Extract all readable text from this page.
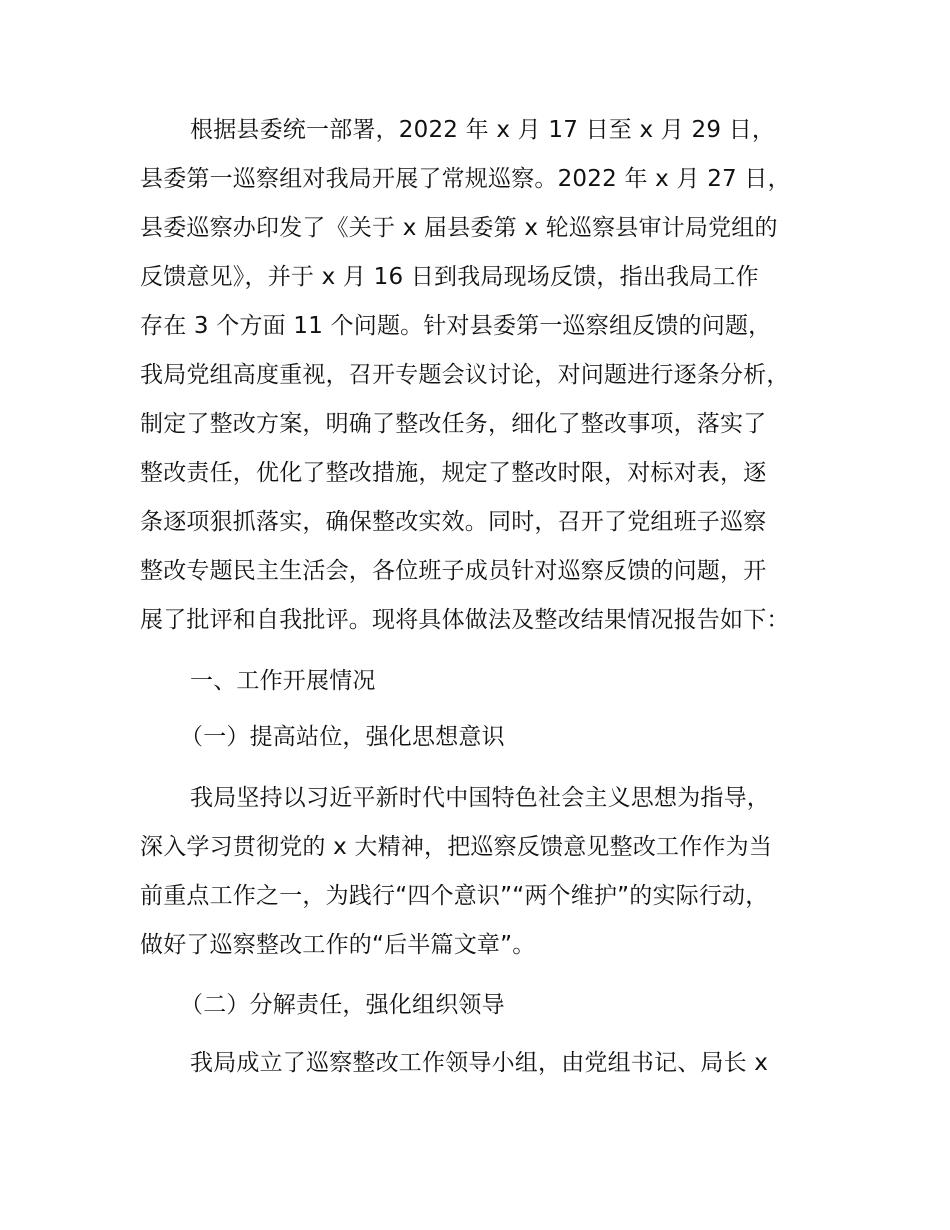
根据县委统一部署，2022 年 x 月 17 日至 x 月 29 日，
县委第一巡察组对我局开展了常规巡察。2022 年 x 月 27 日，
县委巡察办印发了《关于 x 届县委第 x 轮巡察县审计局党组的
反馈意见》，并于 x 月 16 日到我局现场反馈，指出我局工作
存在 3 个方面 11 个问题。针对县委第一巡察组反馈的问题，
我局党组高度重视，召开专题会议讨论，对问题进行逐条分析，
制定了整改方案，明确了整改任务，细化了整改事项，落实了
整改责任，优化了整改措施，规定了整改时限，对标对表，逐
条逐项狠抓落实，确保整改实效。同时，召开了党组班子巡察
整改专题民主生活会，各位班子成员针对巡察反馈的问题，开
展了批评和自我批评。现将具体做法及整改结果情况报告如下：
一、工作开展情况
（一）提高站位，强化思想意识
我局坚持以习近平新时代中国特色社会主义思想为指导，
深入学习贯彻党的 x 大精神，把巡察反馈意见整改工作作为当
前重点工作之一，为践行“四个意识”“两个维护”的实际行动，
做好了巡察整改工作的“后半篇文章”。
（二）分解责任，强化组织领导
我局成立了巡察整改工作领导小组，由党组书记、局长 x
